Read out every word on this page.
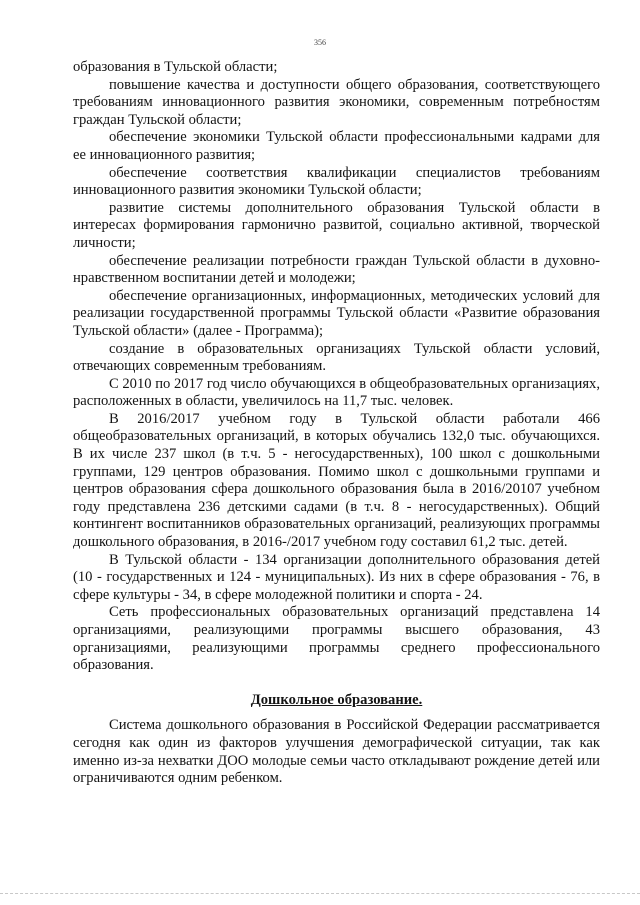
356

образования в Тульской области;

повышение качества и доступности общего образования, соответствующего требованиям инновационного развития экономики, современным потребностям граждан Тульской области;

обеспечение экономики Тульской области профессиональными кадрами для ее инновационного развития;

обеспечение соответствия квалификации специалистов требованиям инновационного развития экономики Тульской области;

развитие системы дополнительного образования Тульской области в интересах формирования гармонично развитой, социально активной, творческой личности;

обеспечение реализации потребности граждан Тульской области в духовно-нравственном воспитании детей и молодежи;

обеспечение организационных, информационных, методических условий для реализации государственной программы Тульской области «Развитие образования Тульской области» (далее - Программа);

создание в образовательных организациях Тульской области условий, отвечающих современным требованиям.

С 2010 по 2017 год число обучающихся в общеобразовательных организациях, расположенных в области, увеличилось на 11,7 тыс. человек.

В 2016/2017 учебном году в Тульской области работали 466 общеобразовательных организаций, в которых обучались 132,0 тыс. обучающихся. В их числе 237 школ (в т.ч. 5 - негосударственных), 100 школ с дошкольными группами, 129 центров образования. Помимо школ с дошкольными группами и центров образования сфера дошкольного образования была в 2016/20107 учебном году представлена 236 детскими садами (в т.ч. 8 - негосударственных). Общий контингент воспитанников образовательных организаций, реализующих программы дошкольного образования, в 2016-/2017 учебном году составил 61,2 тыс. детей.

В Тульской области - 134 организации дополнительного образования детей (10 - государственных и 124 - муниципальных). Из них в сфере образования - 76, в сфере культуры - 34, в сфере молодежной политики и спорта - 24.

Сеть профессиональных образовательных организаций представлена 14 организациями, реализующими программы высшего образования, 43 организациями, реализующими программы среднего профессионального образования.

Дошкольное образование.

Система дошкольного образования в Российской Федерации рассматривается сегодня как один из факторов улучшения демографической ситуации, так как именно из-за нехватки ДОО молодые семьи часто откладывают рождение детей или ограничиваются одним ребенком.
